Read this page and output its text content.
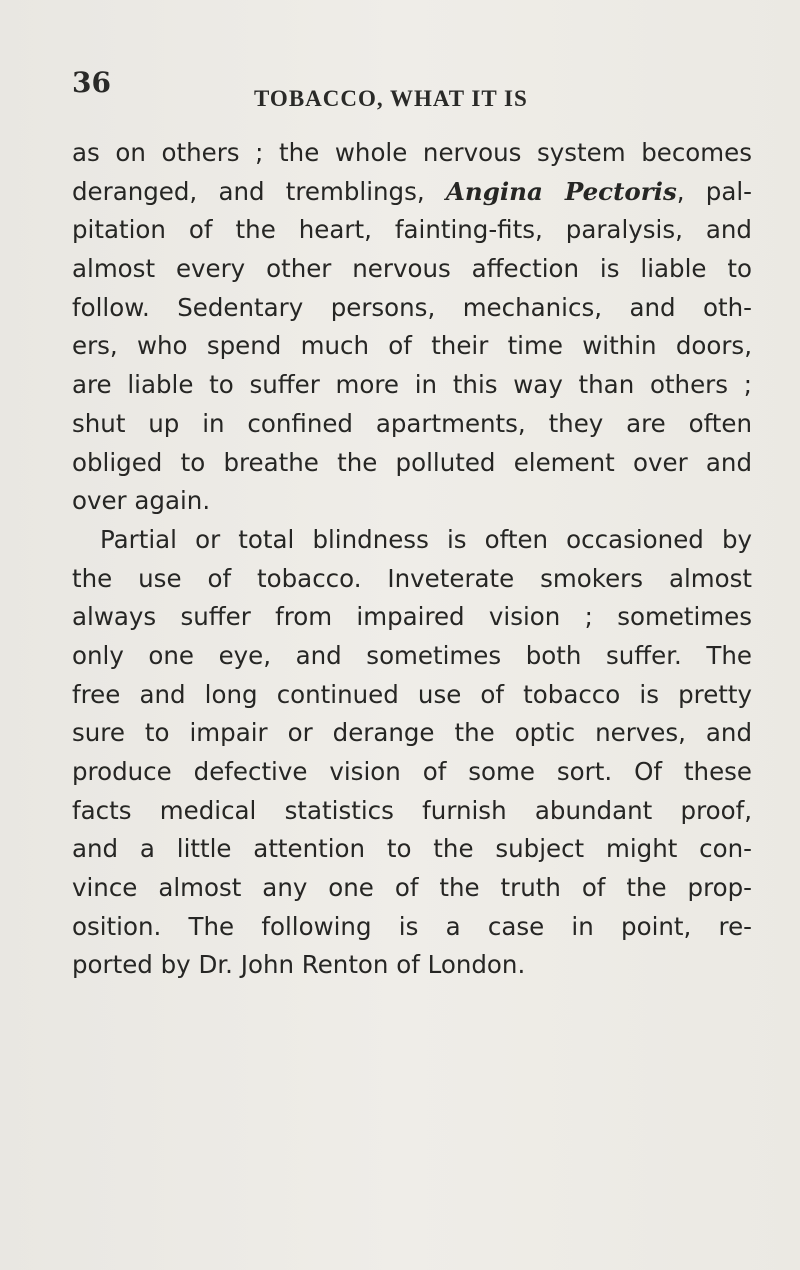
36	TOBACCO, WHAT IT IS
as on others ; the whole nervous system becomes
deranged, and tremblings, Angina Pectoris, pal-
pitation of the heart, fainting-fits, paralysis, and
almost every other nervous affection is liable to
follow. Sedentary persons, mechanics, and oth-
ers, who spend much of their time within doors,
are liable to suffer more in this way than others ;
shut up in confined apartments, they are often
obliged to breathe the polluted element over and
over again.
Partial or total blindness is often occasioned by
the use of tobacco. Inveterate smokers almost
always suffer from impaired vision ; sometimes
only one eye, and sometimes both suffer. The
free and long continued use of tobacco is pretty
sure to impair or derange the optic nerves, and
produce defective vision of some sort. Of these
facts medical statistics furnish abundant proof,
and a little attention to the subject might con-
vince almost any one of the truth of the prop-
osition. The following is a case in point, re-
ported by Dr. John Renton of London.
